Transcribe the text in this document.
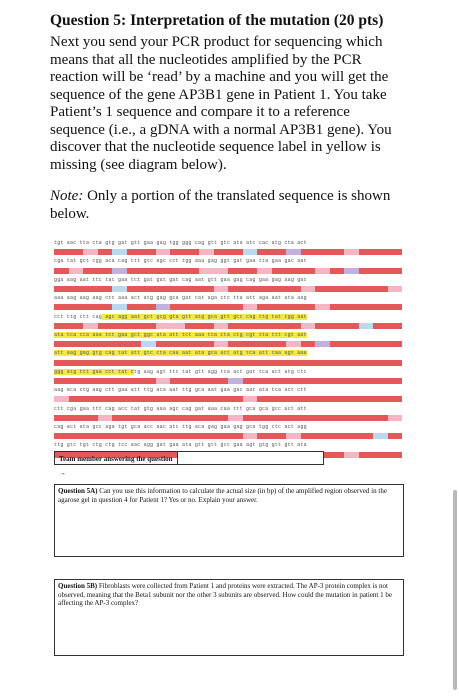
Question 5: Interpretation of the mutation (20 pts)

Next you send your PCR product for sequencing which means that all the nucleotides amplified by the PCR reaction will be ‘read’ by a machine and you will get the sequence of the gene AP3B1 gene in Patient 1. You take Patient’s 1 sequence and compare it to a reference sequence (i.e., a gDNA with a normal AP3B1 gene). You discover that the nucleotide sequence label in yellow is missing (see diagram below).

Note: Only a portion of the translated sequence is shown below.

tgt aac tta cta gtg gat gtt gaa gag tgg ggg cag gtt gtc ata atc cac atg cta act
cga tat gct cgg aca cag ttt gtc agc cct tgg aaa gag ggt gat gaa tta gaa gac aat
gga aag aat ttc tac gaa tct gat gat gat cag aat gtt gaa gag cag gaa gag aag gac
aaa aag aag aag ctc aaa act atg gag gca gat cat aga ctc tta att aga aat ata aag
cct ttg ctt cag agc agg aat gct gcg gta gtt atg gca gtt gcc cag ttg tat tgg aat
ata tca cca aaa tct gaa gct ggc ata att tct aaa tca cta ctg cgt tta ttt cgt aat
att aag gag gtg cag tat att gtc cta caa aat ata gca act atg tca att caa agt aaa
ggg atg ttt gaa cct tat ctg aag agt ttc tat gtt agg tca act gat tca act atg ctc
aag aca ctg aag ctt gaa att ttg aca aat ttg gca aat gaa gac aat ata tca act ctt
ctt cga gaa ttt cag acc tat gtg aaa agc cag gat aaa caa ttt gca gca gcc act att
cag act ata gcc aga tgt gca acc aac atc ttg aca gag gaa gag gca tgg ctc act agg
ttg gtc tgt ctg ctg tcc aac agg gat gaa ata gtt gtt gcc gaa agt gtg gtt gtt ata
Team member answering the question →
Question 5A) Can you use this information to calculate the actual size (in bp) of the amplified region observed in the agarose gel in question 4 for Patient 1? Yes or no. Explain your answer.
Question 5B) Fibroblasts were collected from Patient 1 and proteins were extracted. The AP-3 protein complex is not observed, meaning that the Beta1 subunit nor the other 3 subunits are observed. How could the mutation in patient 1 be affecting the AP-3 complex?
